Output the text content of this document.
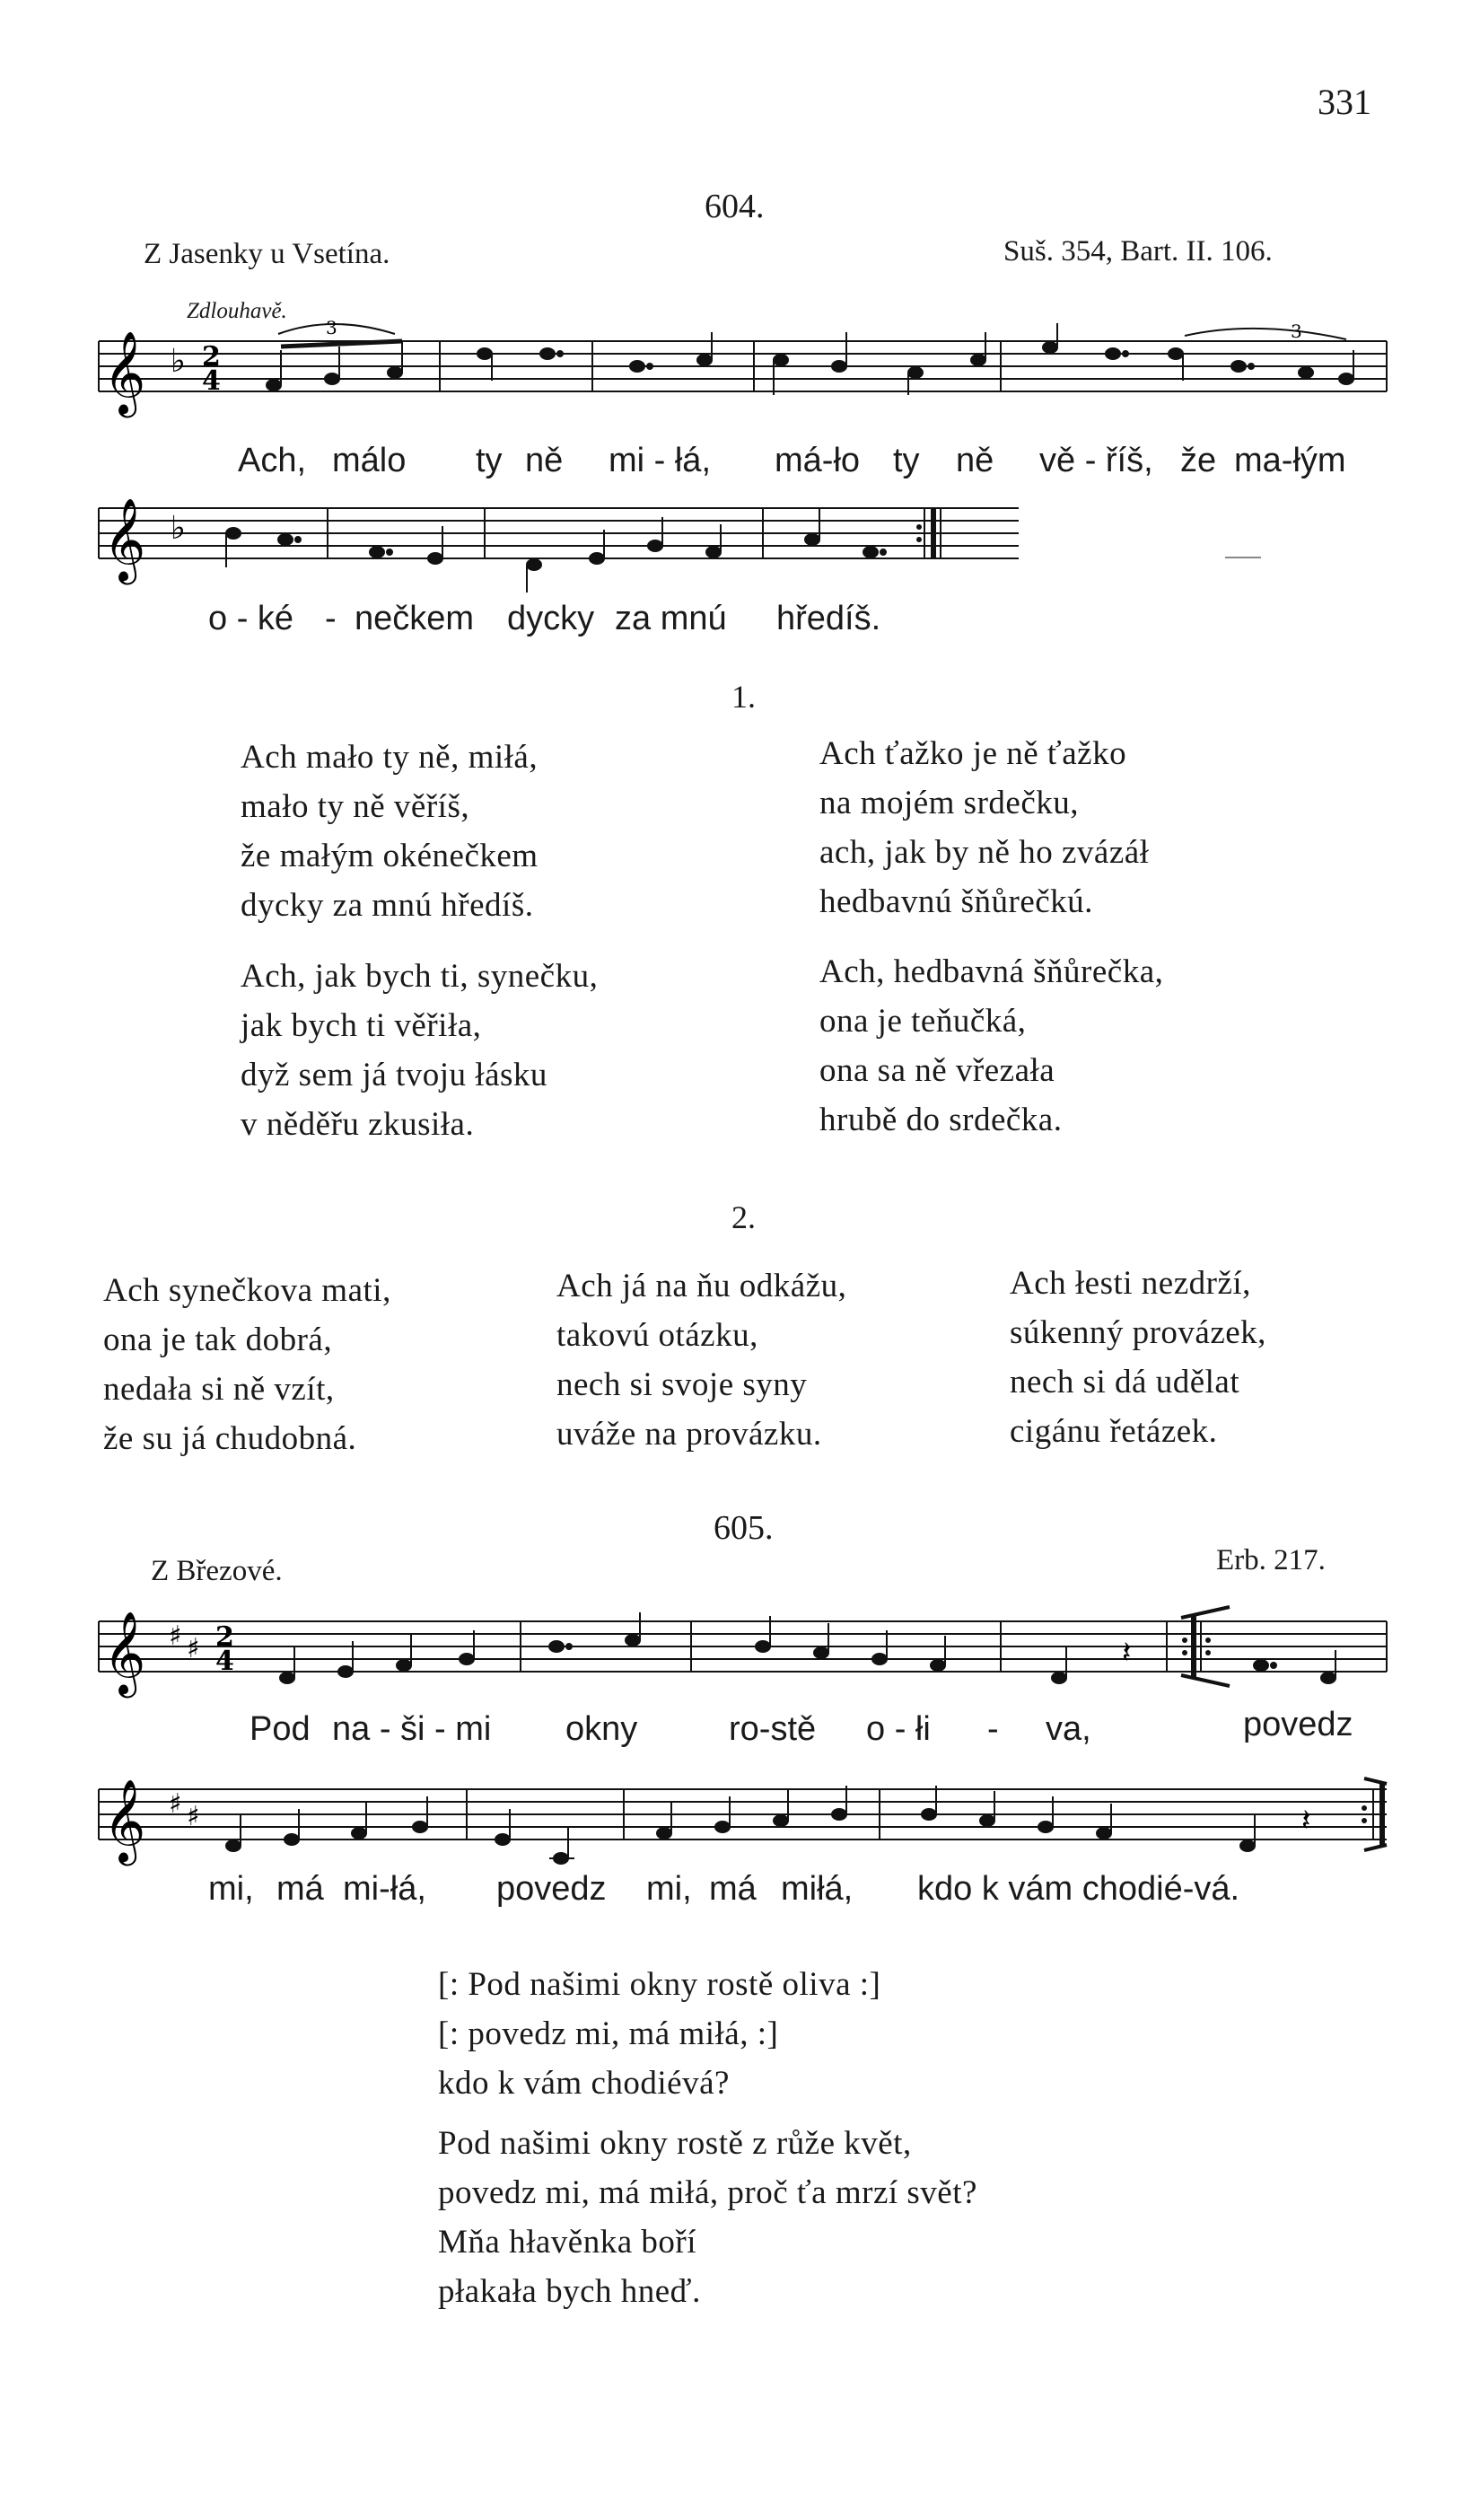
331
604.
Z Jasenky u Vsetína.	Suš. 354, Bart. II. 106.
Zdlouhavě.
𝄞 ♭ 2
4
3	3
Ach, málo ty ně mi - łá, má-ło ty ně vě - říš, že ma-łým
𝄞 ♭
o - ké - nečkem dycky za mnú hředíš.
1.
Ach mało ty ně, miłá,
mało ty ně věříš,
že małým okénečkem
dycky za mnú hředíš.
Ach, jak bych ti, synečku,
jak bych ti věřiła,
dyž sem já tvoju łásku
v něděřu zkusiła.
Ach ťažko je ně ťažko
na mojém srdečku,
ach, jak by ně ho zvázáł
hedbavnú šňůrečkú.
Ach, hedbavná šňůrečka,
ona je teňučká,
ona sa ně vřezała
hrubě do srdečka.
2.
Ach synečkova mati,
ona je tak dobrá,
nedała si ně vzít,
že su já chudobná.
Ach já na ňu odkážu,
takovú otázku,
nech si svoje syny
uváže na provázku.
Ach łesti nezdrží,
súkenný provázek,
nech si dá udělat
cigánu řetázek.
605.
Z Březové.	Erb. 217.
𝄞 ♯ ♯ 2
4	𝄽
Pod na - ši - mi okny	ro-stě o - łi - va,	povedz
𝄞 ♯ ♯	𝄽
mi, má mi-łá, povedz mi, má miłá, kdo k vám chodié-vá.
[: Pod našimi okny rostě oliva :]
[: povedz mi, má miłá, :]
kdo k vám chodiévá?
Pod našimi okny rostě z růže květ,
povedz mi, má miłá, proč ťa mrzí svět?
Mňa hłavěnka boří
płakała bych hneď.
